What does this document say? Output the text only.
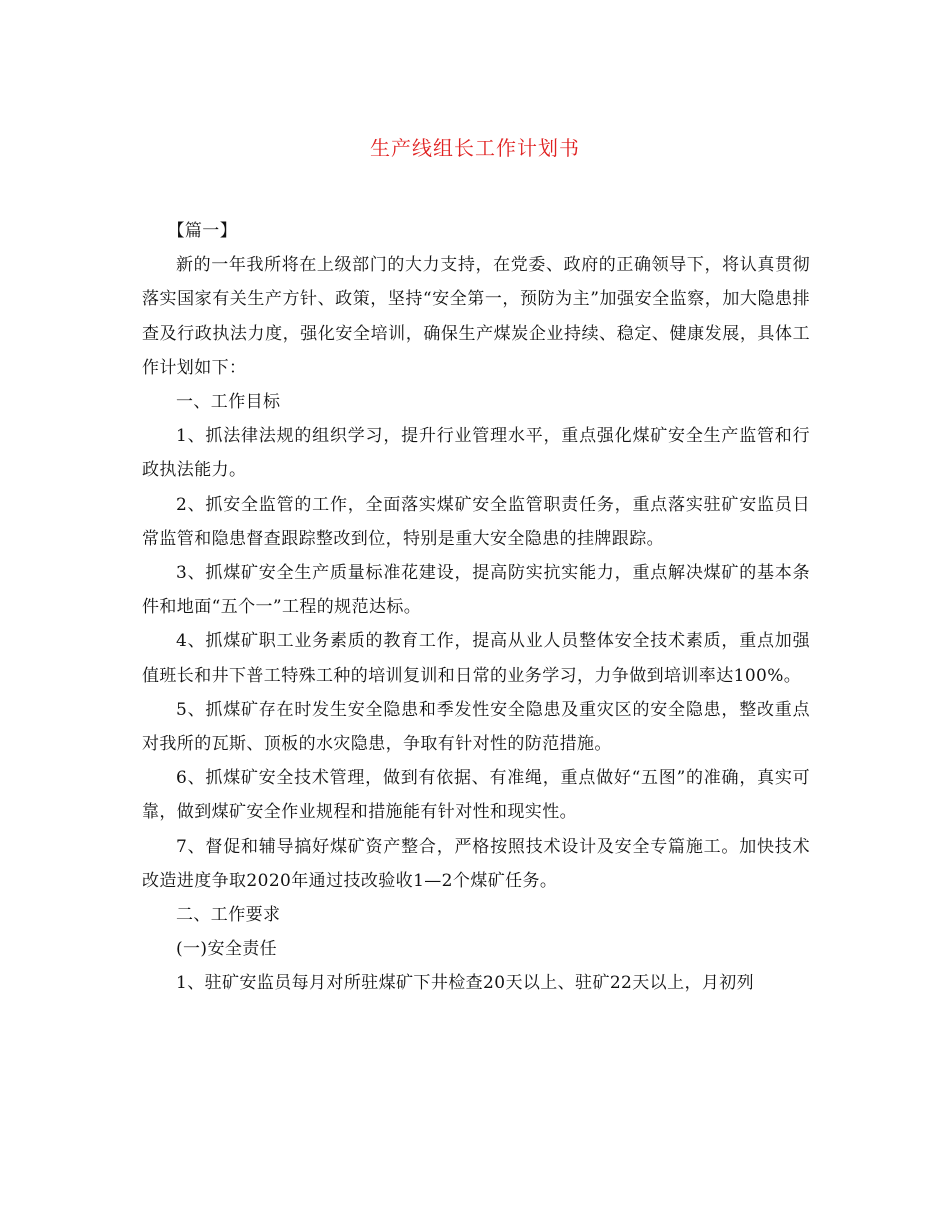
生产线组长工作计划书

【篇一】

新的一年我所将在上级部门的大力支持，在党委、政府的正确领导下，将认真贯彻落实国家有关生产方针、政策，坚持“安全第一，预防为主”加强安全监察，加大隐患排查及行政执法力度，强化安全培训，确保生产煤炭企业持续、稳定、健康发展，具体工作计划如下：

一、工作目标

1、抓法律法规的组织学习，提升行业管理水平，重点强化煤矿安全生产监管和行政执法能力。

2、抓安全监管的工作，全面落实煤矿安全监管职责任务，重点落实驻矿安监员日常监管和隐患督查跟踪整改到位，特别是重大安全隐患的挂牌跟踪。

3、抓煤矿安全生产质量标准花建设，提高防实抗实能力，重点解决煤矿的基本条件和地面“五个一”工程的规范达标。

4、抓煤矿职工业务素质的教育工作，提高从业人员整体安全技术素质，重点加强值班长和井下普工特殊工种的培训复训和日常的业务学习，力争做到培训率达100%。

5、抓煤矿存在时发生安全隐患和季发性安全隐患及重灾区的安全隐患，整改重点对我所的瓦斯、顶板的水灾隐患，争取有针对性的防范措施。

6、抓煤矿安全技术管理，做到有依据、有准绳，重点做好“五图”的准确，真实可靠，做到煤矿安全作业规程和措施能有针对性和现实性。

7、督促和辅导搞好煤矿资产整合，严格按照技术设计及安全专篇施工。加快技术改造进度争取2020年通过技改验收1—2个煤矿任务。

二、工作要求

(一)安全责任

1、驻矿安监员每月对所驻煤矿下井检查20天以上、驻矿22天以上，月初列
